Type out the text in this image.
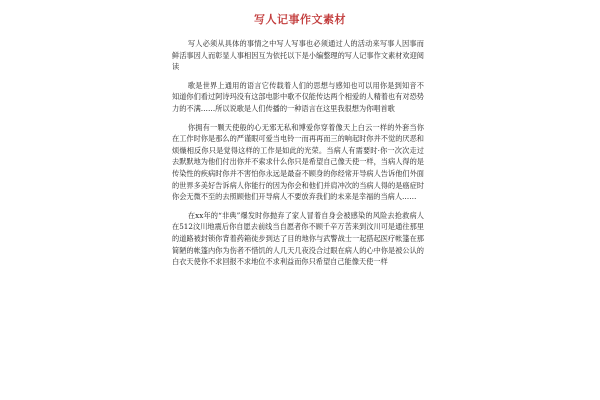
写人记事作文素材

写人必须从具体的事情之中写人写事也必须通过人的活动来写事人因事而鲜活事因人而彰显人事相因互为依托以下是小编整理的写人记事作文素材欢迎阅读

歌是世界上通用的语言它传载着人们的思想与感知也可以用你是到知音不知道你们看过阿诗玛没有这部电影中歌不仅能传达两个相爱的人精着也有对恐势力的不满……所以说歌是人们传播的一种语言在这里我很想为你唱首歌

你拥有一颗天使般的心无邪无私和博爱你穿着像天上白云一样的外套当你在工作时你是那么的严谨眼可爱当电铃一而再再而三的响起时你并不觉的厌恶和烦燥相反你只是觉得这样的工作是如此的光荣。当病人有需要时·你一次次走过去默默地为他们付出你并不索求什么你只是希望自己像天使一样，当病人得的是传染性的疾病时你并不害怕你永远是最奋不顾身的你经常开导病人告诉他们外面的世界多美好告诉病人你能行的因为你会和他们并肩冲次的当病人得的是癌症时你会无微不至的去照顾他们开导病人不要放弃我们的未来是幸福的当病人……

在xx年的“非典”爆发时你抛弃了家人冒着自身会被感染的风险去抢救病人在512汶川地震后你自愿去前线当自愿者你不顾千辛万苦来到汶川可是通往那里的道路被封锁你背着药箱徒步到达了目的地你与武警战士一起搭起医疗帐篷在那简陋的帐篷内你为伤者不惜饥的人几天几夜没合过眼在病人的心中你是被公认的白衣天使你不求回报不求地位不求利益而你只希望自己能像天使一样
